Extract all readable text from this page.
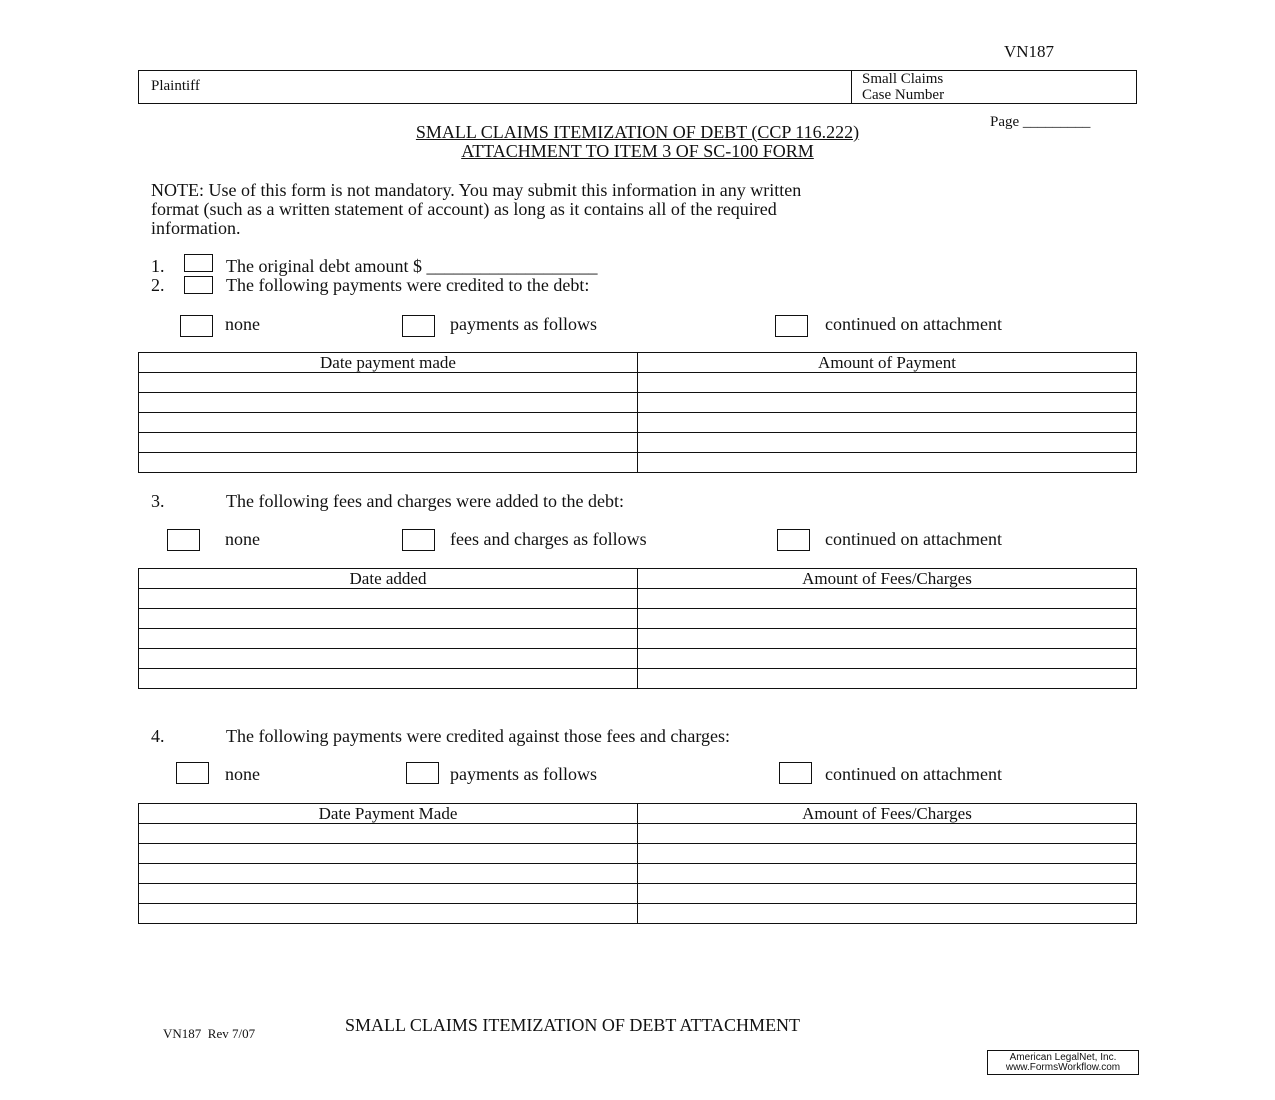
VN187
Plaintiff	Small Claims
Case Number
Page _________
SMALL CLAIMS ITEMIZATION OF DEBT (CCP 116.222)
ATTACHMENT TO ITEM 3 OF SC-100 FORM
NOTE: Use of this form is not mandatory. You may submit this information in any written
format (such as a written statement of account) as long as it contains all of the required
information.
1.	The original debt amount $ ___________________
2.	The following payments were credited to the debt:
none	payments as follows	continued on attachment
Date payment made	Amount of Payment

3.	The following fees and charges were added to the debt:
none	fees and charges as follows	continued on attachment
Date added	Amount of Fees/Charges

4.	The following payments were credited against those fees and charges:
none	payments as follows	continued on attachment
Date Payment Made	Amount of Fees/Charges

VN187  Rev 7/07	SMALL CLAIMS ITEMIZATION OF DEBT ATTACHMENT
American LegalNet, Inc.
www.FormsWorkflow.com
